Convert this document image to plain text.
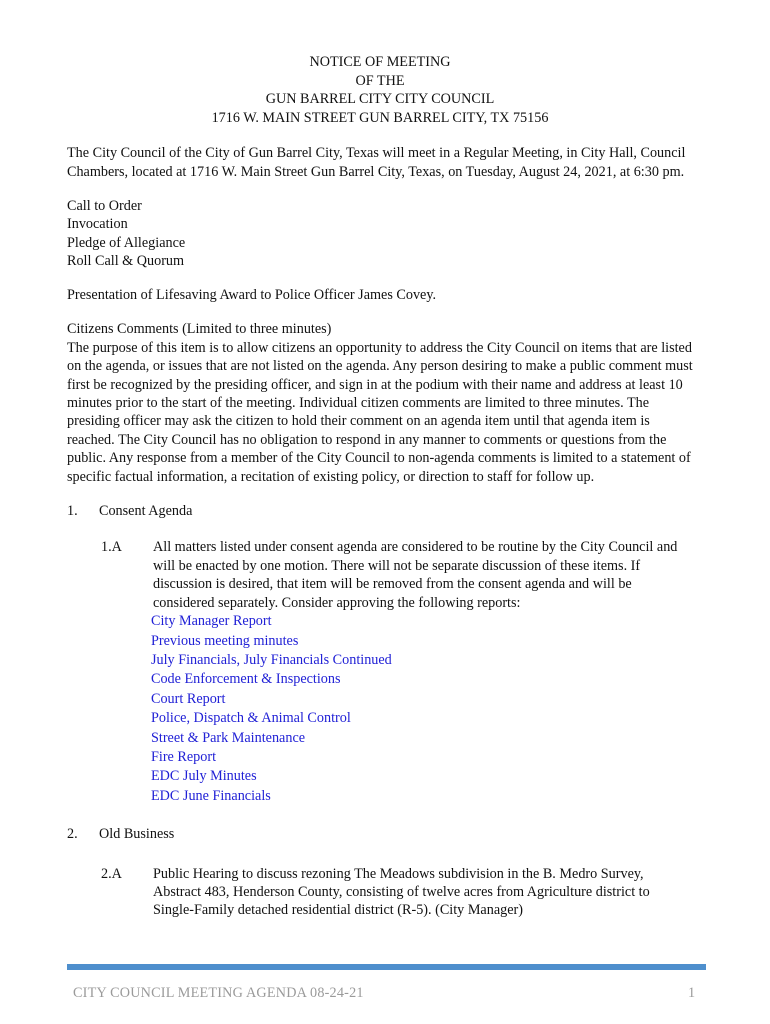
NOTICE OF MEETING
OF THE
GUN BARREL CITY CITY COUNCIL
1716 W. MAIN STREET GUN BARREL CITY, TX 75156
The City Council of the City of Gun Barrel City, Texas will meet in a Regular Meeting, in City Hall, Council Chambers, located at 1716 W. Main Street Gun Barrel City, Texas, on Tuesday, August 24, 2021, at 6:30 pm.
Call to Order
Invocation
Pledge of Allegiance
Roll Call & Quorum
Presentation of Lifesaving Award to Police Officer James Covey.
Citizens Comments (Limited to three minutes)
The purpose of this item is to allow citizens an opportunity to address the City Council on items that are listed on the agenda, or issues that are not listed on the agenda. Any person desiring to make a public comment must first be recognized by the presiding officer, and sign in at the podium with their name and address at least 10 minutes prior to the start of the meeting. Individual citizen comments are limited to three minutes. The presiding officer may ask the citizen to hold their comment on an agenda item until that agenda item is reached. The City Council has no obligation to respond in any manner to comments or questions from the public. Any response from a member of the City Council to non-agenda comments is limited to a statement of specific factual information, a recitation of existing policy, or direction to staff for follow up.
1. Consent Agenda
1.A All matters listed under consent agenda are considered to be routine by the City Council and will be enacted by one motion. There will not be separate discussion of these items. If discussion is desired, that item will be removed from the consent agenda and will be considered separately. Consider approving the following reports:
City Manager Report
Previous meeting minutes
July Financials, July Financials Continued
Code Enforcement & Inspections
Court Report
Police, Dispatch & Animal Control
Street & Park Maintenance
Fire Report
EDC July Minutes
EDC June Financials
2. Old Business
2.A Public Hearing to discuss rezoning The Meadows subdivision in the B. Medro Survey, Abstract 483, Henderson County, consisting of twelve acres from Agriculture district to Single-Family detached residential district (R-5). (City Manager)
CITY COUNCIL MEETING AGENDA 08-24-21	1
